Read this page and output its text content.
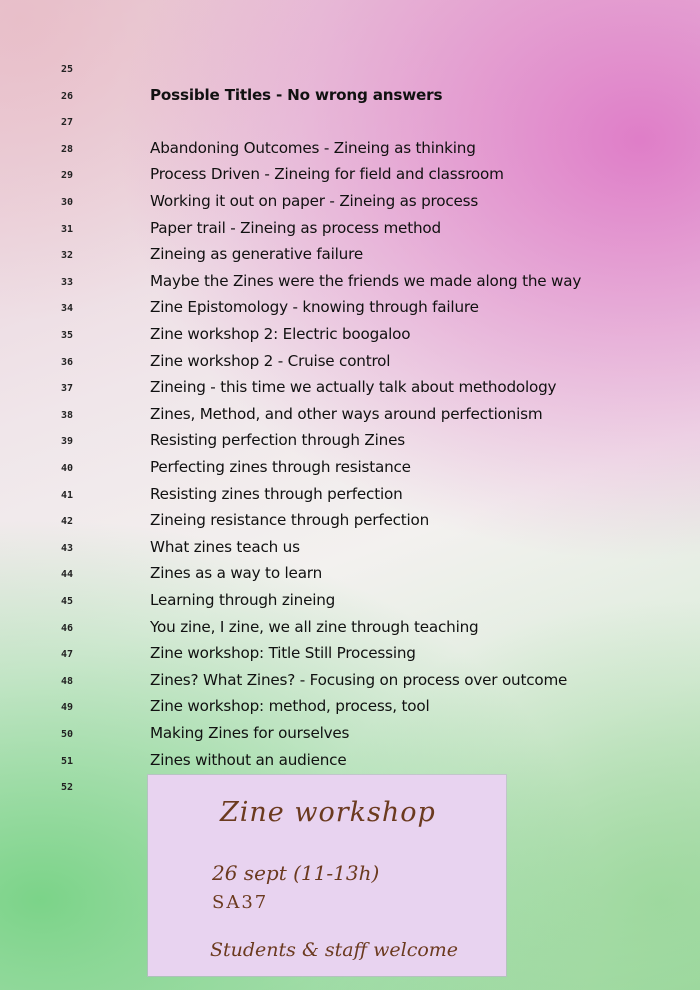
25
26	Possible Titles - No wrong answers
27
28	Abandoning Outcomes - Zineing as thinking
29	Process Driven - Zineing for field and classroom
30	Working it out on paper - Zineing as process
31	Paper trail - Zineing as process method
32	Zineing as generative failure
33	Maybe the Zines were the friends we made along the way
34	Zine Epistomology - knowing through failure
35	Zine workshop 2: Electric boogaloo
36	Zine workshop 2 - Cruise control
37	Zineing - this time we actually talk about methodology
38	Zines, Method, and other ways around perfectionism
39	Resisting perfection through Zines
40	Perfecting zines through resistance
41	Resisting zines through perfection
42	Zineing resistance through perfection
43	What zines teach us
44	Zines as a way to learn
45	Learning through zineing
46	You zine, I zine, we all zine through teaching
47	Zine workshop: Title Still Processing
48	Zines? What Zines? - Focusing on process over outcome
49	Zine workshop: method, process, tool
50	Making Zines for ourselves
51	Zines without an audience
52
Zine workshop
26 sept (11-13h)
SA37
Students & staff welcome
